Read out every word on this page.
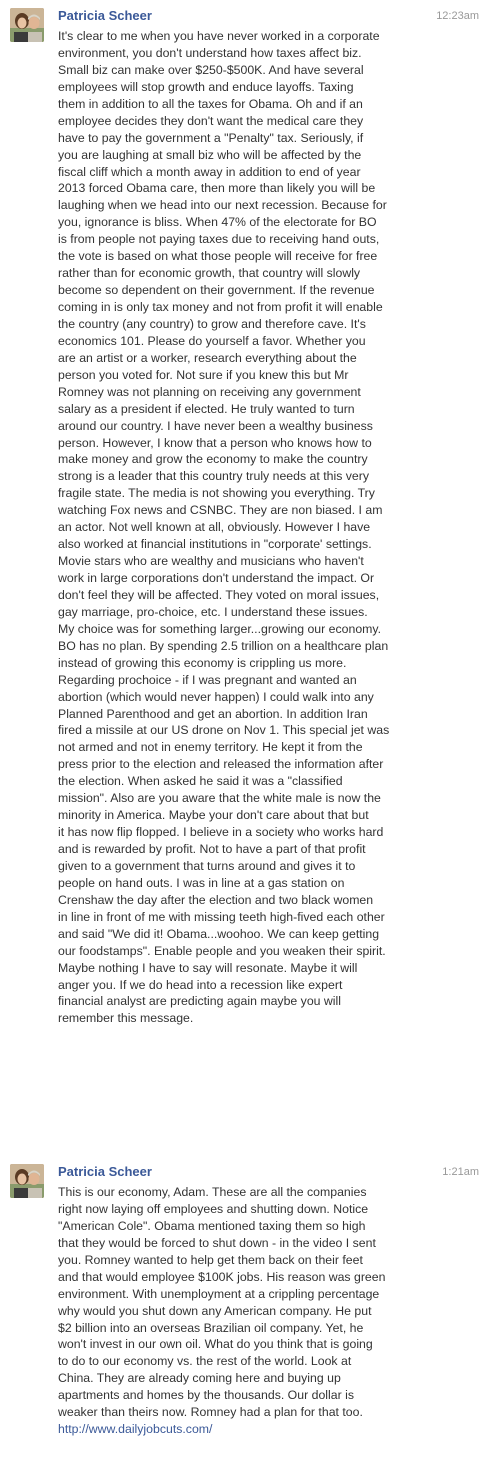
Patricia Scheer	12:23am
It's clear to me when you have never worked in a corporate
environment, you don't understand how taxes affect biz.
Small biz can make over $250-$500K. And have several
employees will stop growth and enduce layoffs. Taxing
them in addition to all the taxes for Obama. Oh and if an
employee decides they don't want the medical care they
have to pay the government a "Penalty" tax. Seriously, if
you are laughing at small biz who will be affected by the
fiscal cliff which a month away in addition to end of year
2013 forced Obama care, then more than likely you will be
laughing when we head into our next recession. Because for
you, ignorance is bliss. When 47% of the electorate for BO
is from people not paying taxes due to receiving hand outs,
the vote is based on what those people will receive for free
rather than for economic growth, that country will slowly
become so dependent on their government. If the revenue
coming in is only tax money and not from profit it will enable
the country (any country) to grow and therefore cave. It's
economics 101. Please do yourself a favor. Whether you
are an artist or a worker, research everything about the
person you voted for. Not sure if you knew this but Mr
Romney was not planning on receiving any government
salary as a president if elected. He truly wanted to turn
around our country. I have never been a wealthy business
person. However, I know that a person who knows how to
make money and grow the economy to make the country
strong is a leader that this country truly needs at this very
fragile state. The media is not showing you everything. Try
watching Fox news and CSNBC. They are non biased. I am
an actor. Not well known at all, obviously. However I have
also worked at financial institutions in "corporate' settings.
Movie stars who are wealthy and musicians who haven't
work in large corporations don't understand the impact. Or
don't feel they will be affected. They voted on moral issues,
gay marriage, pro-choice, etc. I understand these issues.
My choice was for something larger...growing our economy.
BO has no plan. By spending 2.5 trillion on a healthcare plan
instead of growing this economy is crippling us more.
Regarding prochoice - if I was pregnant and wanted an
abortion (which would never happen) I could walk into any
Planned Parenthood and get an abortion. In addition Iran
fired a missile at our US drone on Nov 1. This special jet was
not armed and not in enemy territory. He kept it from the
press prior to the election and released the information after
the election. When asked he said it was a "classified
mission". Also are you aware that the white male is now the
minority in America. Maybe your don't care about that but
it has now flip flopped. I believe in a society who works hard
and is rewarded by profit. Not to have a part of that profit
given to a government that turns around and gives it to
people on hand outs. I was in line at a gas station on
Crenshaw the day after the election and two black women
in line in front of me with missing teeth high-fived each other
and said "We did it! Obama...woohoo. We can keep getting
our foodstamps". Enable people and you weaken their spirit.
Maybe nothing I have to say will resonate. Maybe it will
anger you. If we do head into a recession like expert
financial analyst are predicting again maybe you will
remember this message.
Patricia Scheer	1:21am
This is our economy, Adam. These are all the companies
right now laying off employees and shutting down. Notice
"American Cole". Obama mentioned taxing them so high
that they would be forced to shut down - in the video I sent
you. Romney wanted to help get them back on their feet
and that would employee $100K jobs. His reason was green
environment. With unemployment at a crippling percentage
why would you shut down any American company. He put
$2 billion into an overseas Brazilian oil company. Yet, he
won't invest in our own oil. What do you think that is going
to do to our economy vs. the rest of the world. Look at
China. They are already coming here and buying up
apartments and homes by the thousands. Our dollar is
weaker than theirs now. Romney had a plan for that too.
http://www.dailyjobcuts.com/
